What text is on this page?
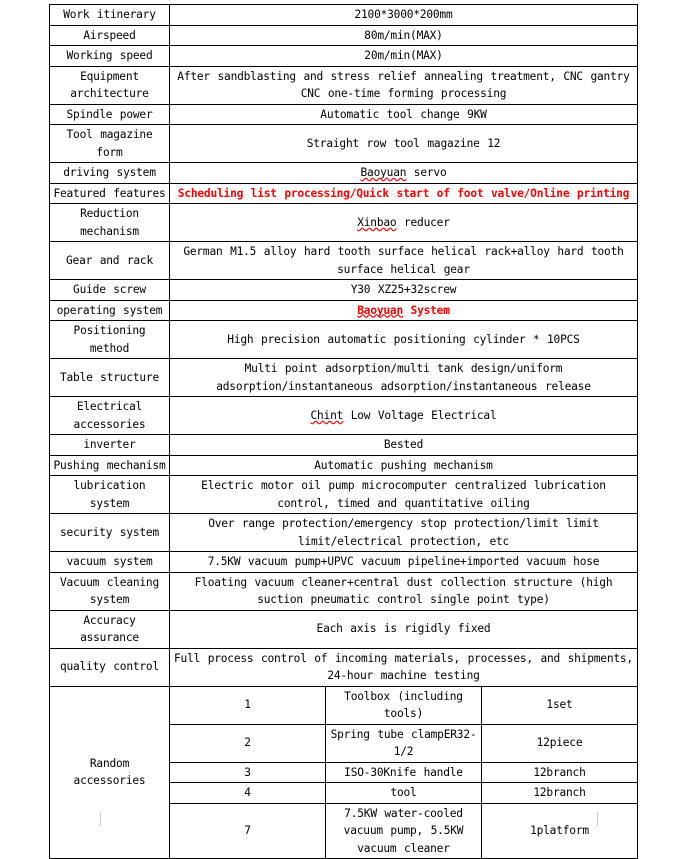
Work itinerary	2100*3000*200mm		
Airspeed	80m/min(MAX)		
Working speed	20m/min(MAX)		
Equipment architecture	After sandblasting and stress relief annealing treatment, CNC gantry CNC one-time forming processing		
Spindle power	Automatic tool change 9KW		
Tool magazine form	Straight row tool magazine 12		
driving system	Baoyuan servo		
Featured features	Scheduling list processing/Quick start of foot valve/Online printing		
Reduction mechanism	Xinbao reducer		
Gear and rack	German M1.5 alloy hard tooth surface helical rack+alloy hard tooth surface helical gear		
Guide screw	Y30 XZ25+32screw		
operating system	Baoyuan System		
Positioning method	High precision automatic positioning cylinder * 10PCS		
Table structure	Multi point adsorption/multi tank design/uniform adsorption/instantaneous adsorption/instantaneous release		
Electrical accessories	Chint Low Voltage Electrical		
inverter	Bested		
Pushing mechanism	Automatic pushing mechanism		
lubrication system	Electric motor oil pump microcomputer centralized lubrication control, timed and quantitative oiling		
security system	Over range protection/emergency stop protection/limit limit limit/electrical protection, etc		
vacuum system	7.5KW vacuum pump+UPVC vacuum pipeline+imported vacuum hose		
Vacuum cleaning system	Floating vacuum cleaner+central dust collection structure (high suction pneumatic control single point type)		
Accuracy assurance	Each axis is rigidly fixed		
quality control	Full process control of incoming materials, processes, and shipments, 24-hour machine testing		
Random accessories	1	Toolbox (including tools)	1set
	2	Spring tube clampER32-1/2	12piece
	3	ISO-30Knife handle	12branch
	4	tool	12branch
	7	7.5KW water-cooled vacuum pump, 5.5KW vacuum cleaner	1platform
